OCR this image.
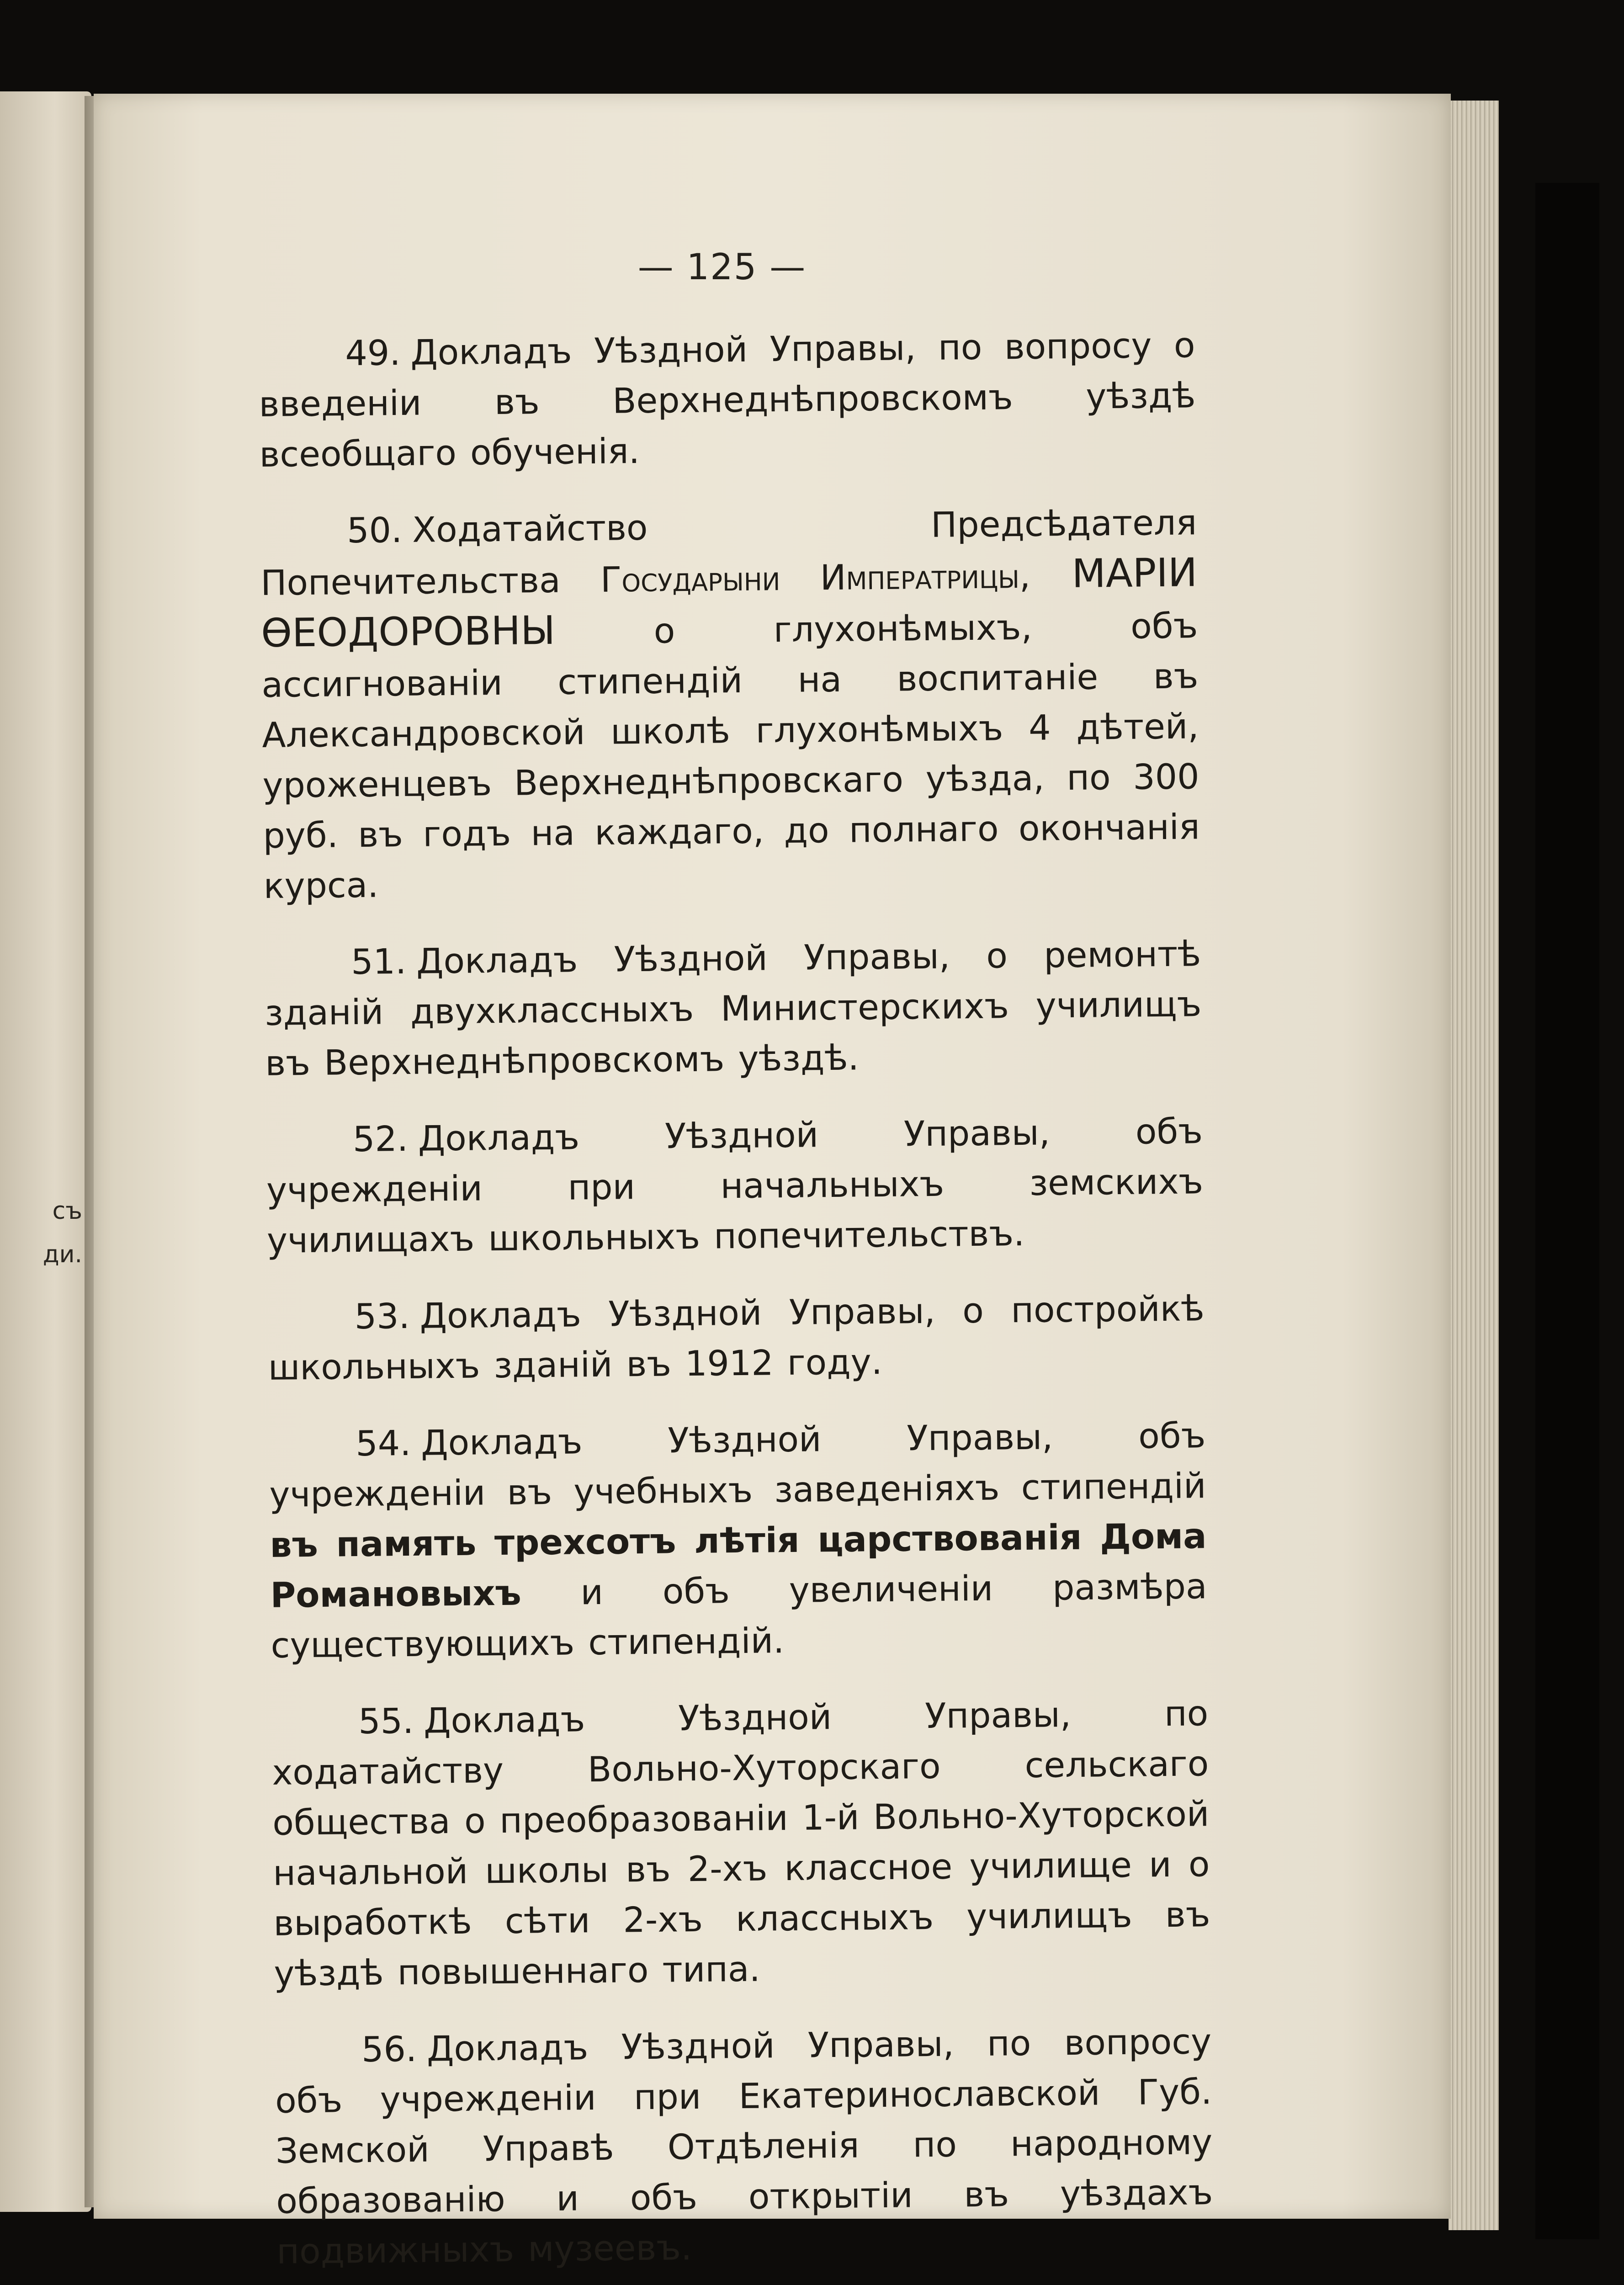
съ
ди.
— 125 —

49. Докладъ Уѣздной Управы, по вопросу о введеніи въ Верхнеднѣпровскомъ уѣздѣ всеобщаго обученія.

50. Ходатайство Предсѣдателя Попечительства Государыни Императрицы, МАРІИ ѲЕОДОРОВНЫ о глухонѣмыхъ, объ ассигнованіи стипендій на воспитаніе въ Александровской школѣ глухонѣмыхъ 4 дѣтей, уроженцевъ Верхнеднѣпровскаго уѣзда, по 300 руб. въ годъ на каждаго, до полнаго окончанія курса.

51. Докладъ Уѣздной Управы, о ремонтѣ зданій двухклассныхъ Министерскихъ училищъ въ Верхнеднѣпровскомъ уѣздѣ.

52. Докладъ Уѣздной Управы, объ учрежденіи при начальныхъ земскихъ училищахъ школьныхъ попечительствъ.

53. Докладъ Уѣздной Управы, о постройкѣ школьныхъ зданій въ 1912 году.

54. Докладъ Уѣздной Управы, объ учрежденіи въ учебныхъ заведеніяхъ стипендій въ память трехсотъ лѣтія царствованія Дома Романовыхъ и объ увеличеніи размѣра существующихъ стипендій.

55. Докладъ Уѣздной Управы, по ходатайству Вольно-Хуторскаго сельскаго общества о преобразованіи 1-й Вольно-Хуторской начальной школы въ 2-хъ классное училище и о выработкѣ сѣти 2-хъ классныхъ училищъ въ уѣздѣ повышеннаго типа.

56. Докладъ Уѣздной Управы, по вопросу объ учрежденіи при Екатеринославской Губ. Земской Управѣ Отдѣленія по народному образованію и объ открытіи въ уѣздахъ подвижныхъ музеевъ.
